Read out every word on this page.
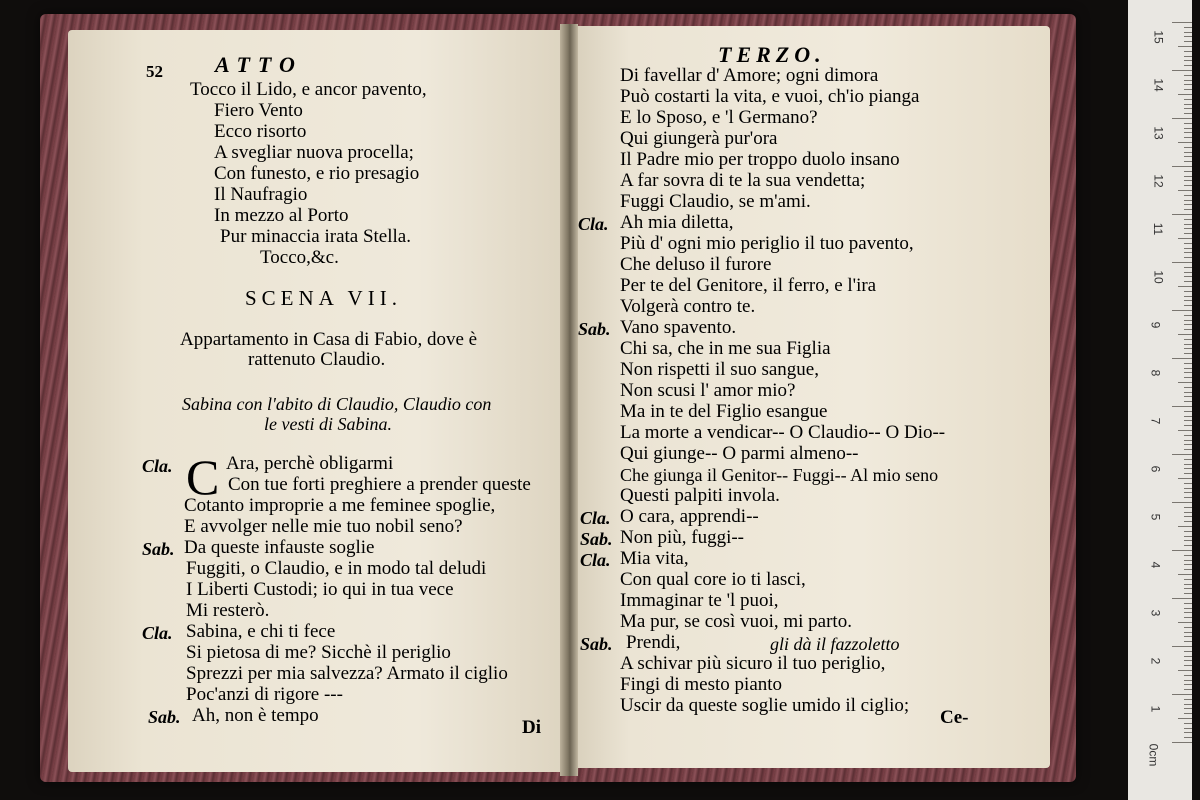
52 ATTO
Tocco il Lido, e ancor pavento,
Fiero Vento
Ecco risorto
A svegliar nuova procella;
Con funesto, e rio presagio
Il Naufragio
In mezzo al Porto
Pur minaccia irata Stella.
Tocco,&c.
SCENA VII.
Appartamento in Casa di Fabio, dove è
rattenuto Claudio.
Sabina con l'abito di Claudio, Claudio con
le vesti di Sabina.
C
Cla.	Ara, perchè obligarmi
Con tue forti preghiere a prender queste
Cotanto improprie a me feminee spoglie,
E avvolger nelle mie tuo nobil seno?
Sab. Da queste infauste soglie
Fuggiti, o Claudio, e in modo tal deludi
I Liberti Custodi; io qui in tua vece
Mi resterò.
Cla. Sabina, e chi ti fece
Si pietosa di me? Sicchè il periglio
Sprezzi per mia salvezza? Armato il ciglio
Poc'anzi di rigore ---
Sab. Ah, non è tempo
Di
TERZO.
Di favellar d' Amore; ogni dimora
Può costarti la vita, e vuoi, ch'io pianga
E lo Sposo, e 'l Germano?
Qui giungerà pur'ora
Il Padre mio per troppo duolo insano
A far sovra di te la sua vendetta;
Fuggi Claudio, se m'ami.
Cla. Ah mia diletta,
Più d' ogni mio periglio il tuo pavento,
Che deluso il furore
Per te del Genitore, il ferro, e l'ira
Volgerà contro te.
Sab. Vano spavento.
Chi sa, che in me sua Figlia
Non rispetti il suo sangue,
Non scusi l' amor mio?
Ma in te del Figlio esangue
La morte a vendicar-- O Claudio-- O Dio--
Qui giunge-- O parmi almeno--
Che giunga il Genitor-- Fuggi-- Al mio seno
Questi palpiti invola.
Cla. O cara, apprendi--
Sab. Non più, fuggi--
Cla. Mia vita,
Con qual core io ti lasci,
Immaginar te 'l puoi,
Ma pur, se così vuoi, mi parto.
Sab. Prendi,	gli dà il fazzoletto
A schivar più sicuro il tuo periglio,
Fingi di mesto pianto
Uscir da queste soglie umido il ciglio;
Ce-
15
14
13
12
11
10
9
8
7
6
5
4
3
2
1
0cm
